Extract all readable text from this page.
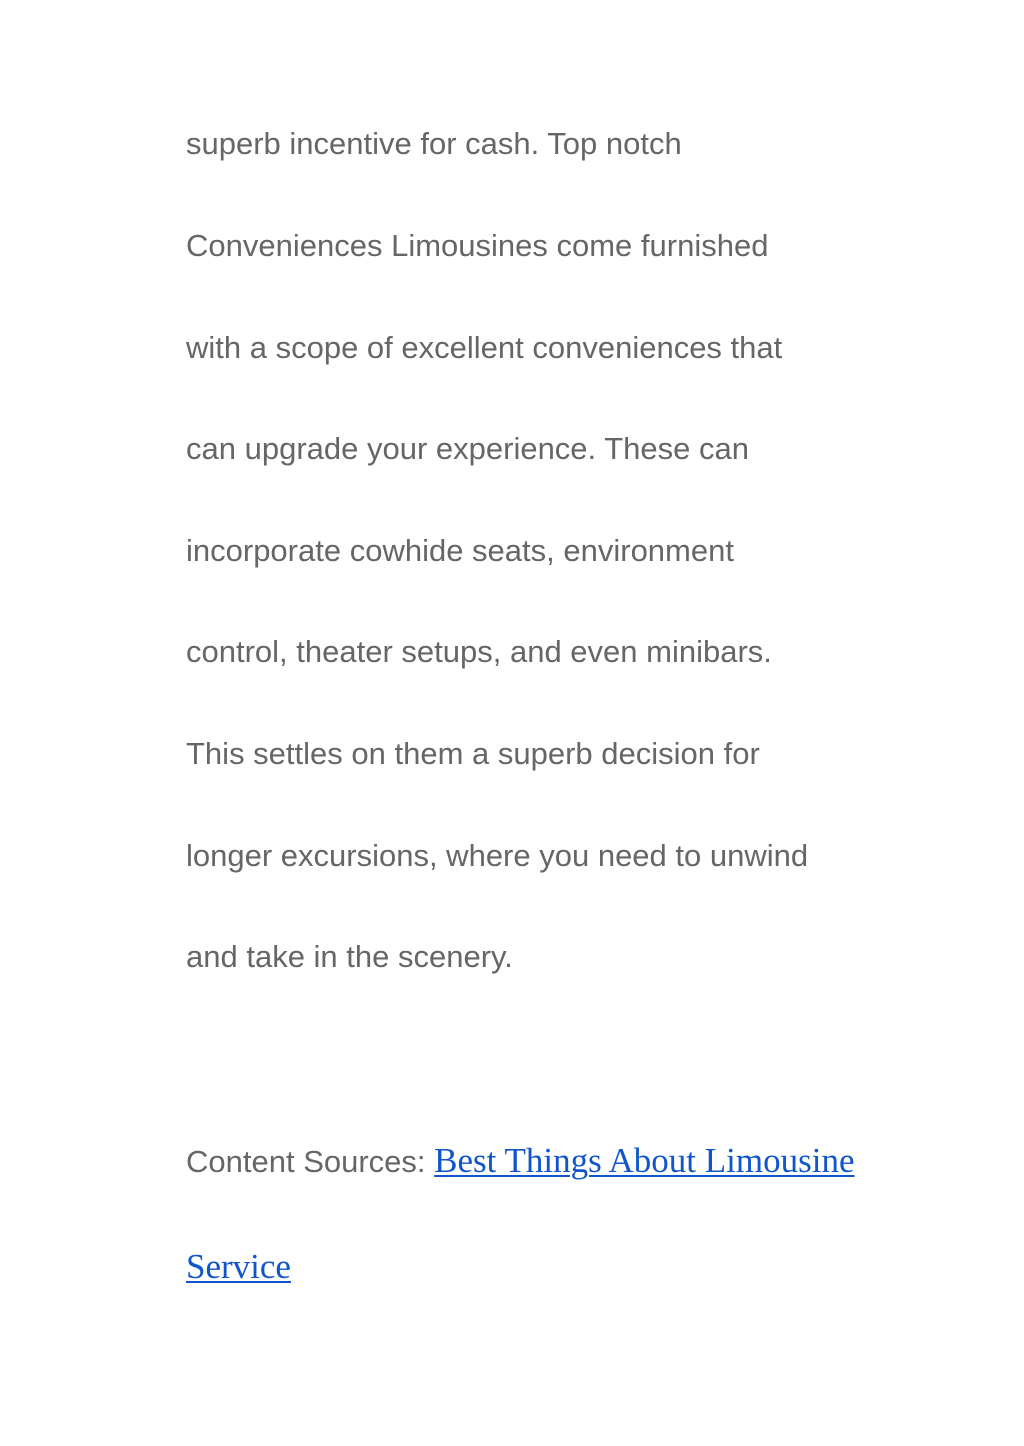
superb incentive for cash. Top notch

Conveniences Limousines come furnished

with a scope of excellent conveniences that

can upgrade your experience. These can

incorporate cowhide seats, environment

control, theater setups, and even minibars.

This settles on them a superb decision for

longer excursions, where you need to unwind

and take in the scenery.

Content Sources: Best Things About Limousine

Service
